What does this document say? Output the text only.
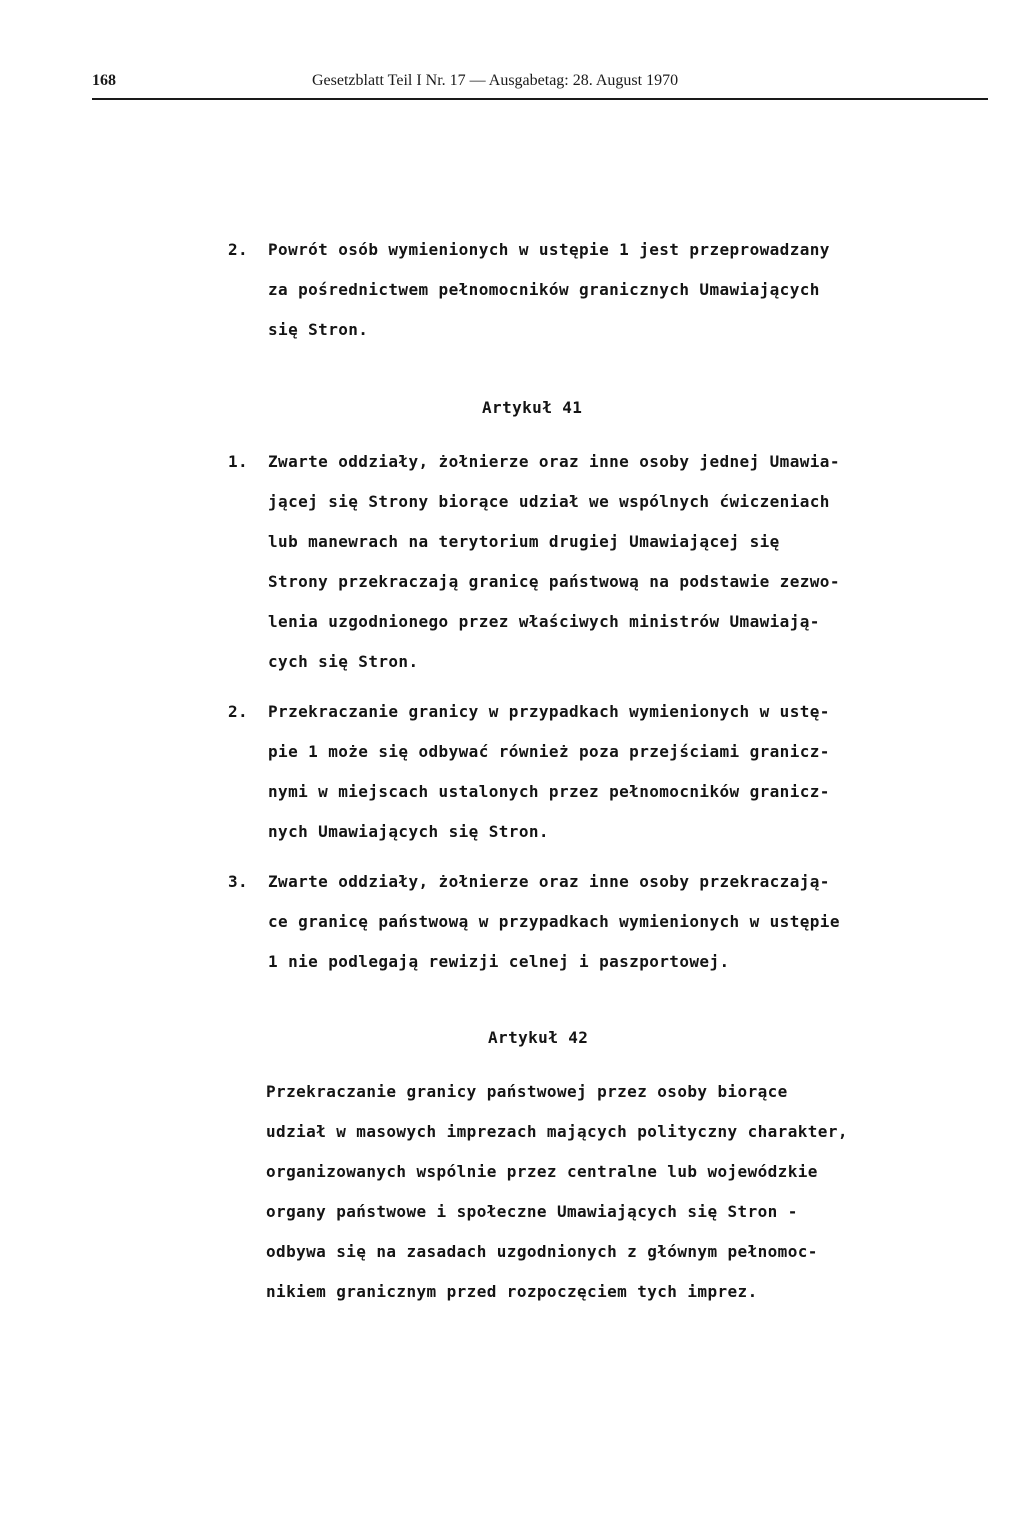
168	Gesetzblatt Teil I Nr. 17 — Ausgabetag: 28. August 1970
2. Powrót osób wymienionych w ustępie 1 jest przeprowadzany
za pośrednictwem pełnomocników granicznych Umawiających
się Stron.
Artykuł 41
1. Zwarte oddziały, żołnierze oraz inne osoby jednej Umawia-
jącej się Strony biorące udział we wspólnych ćwiczeniach
lub manewrach na terytorium drugiej Umawiającej się
Strony przekraczają granicę państwową na podstawie zezwo-
lenia uzgodnionego przez właściwych ministrów Umawiają-
cych się Stron.
2. Przekraczanie granicy w przypadkach wymienionych w ustę-
pie 1 może się odbywać również poza przejściami granicz-
nymi w miejscach ustalonych przez pełnomocników granicz-
nych Umawiających się Stron.
3. Zwarte oddziały, żołnierze oraz inne osoby przekraczają-
ce granicę państwową w przypadkach wymienionych w ustępie
1 nie podlegają rewizji celnej i paszportowej.
Artykuł 42
Przekraczanie granicy państwowej przez osoby biorące
udział w masowych imprezach mających polityczny charakter,
organizowanych wspólnie przez centralne lub wojewódzkie
organy państwowe i społeczne Umawiających się Stron -
odbywa się na zasadach uzgodnionych z głównym pełnomoc-
nikiem granicznym przed rozpoczęciem tych imprez.
